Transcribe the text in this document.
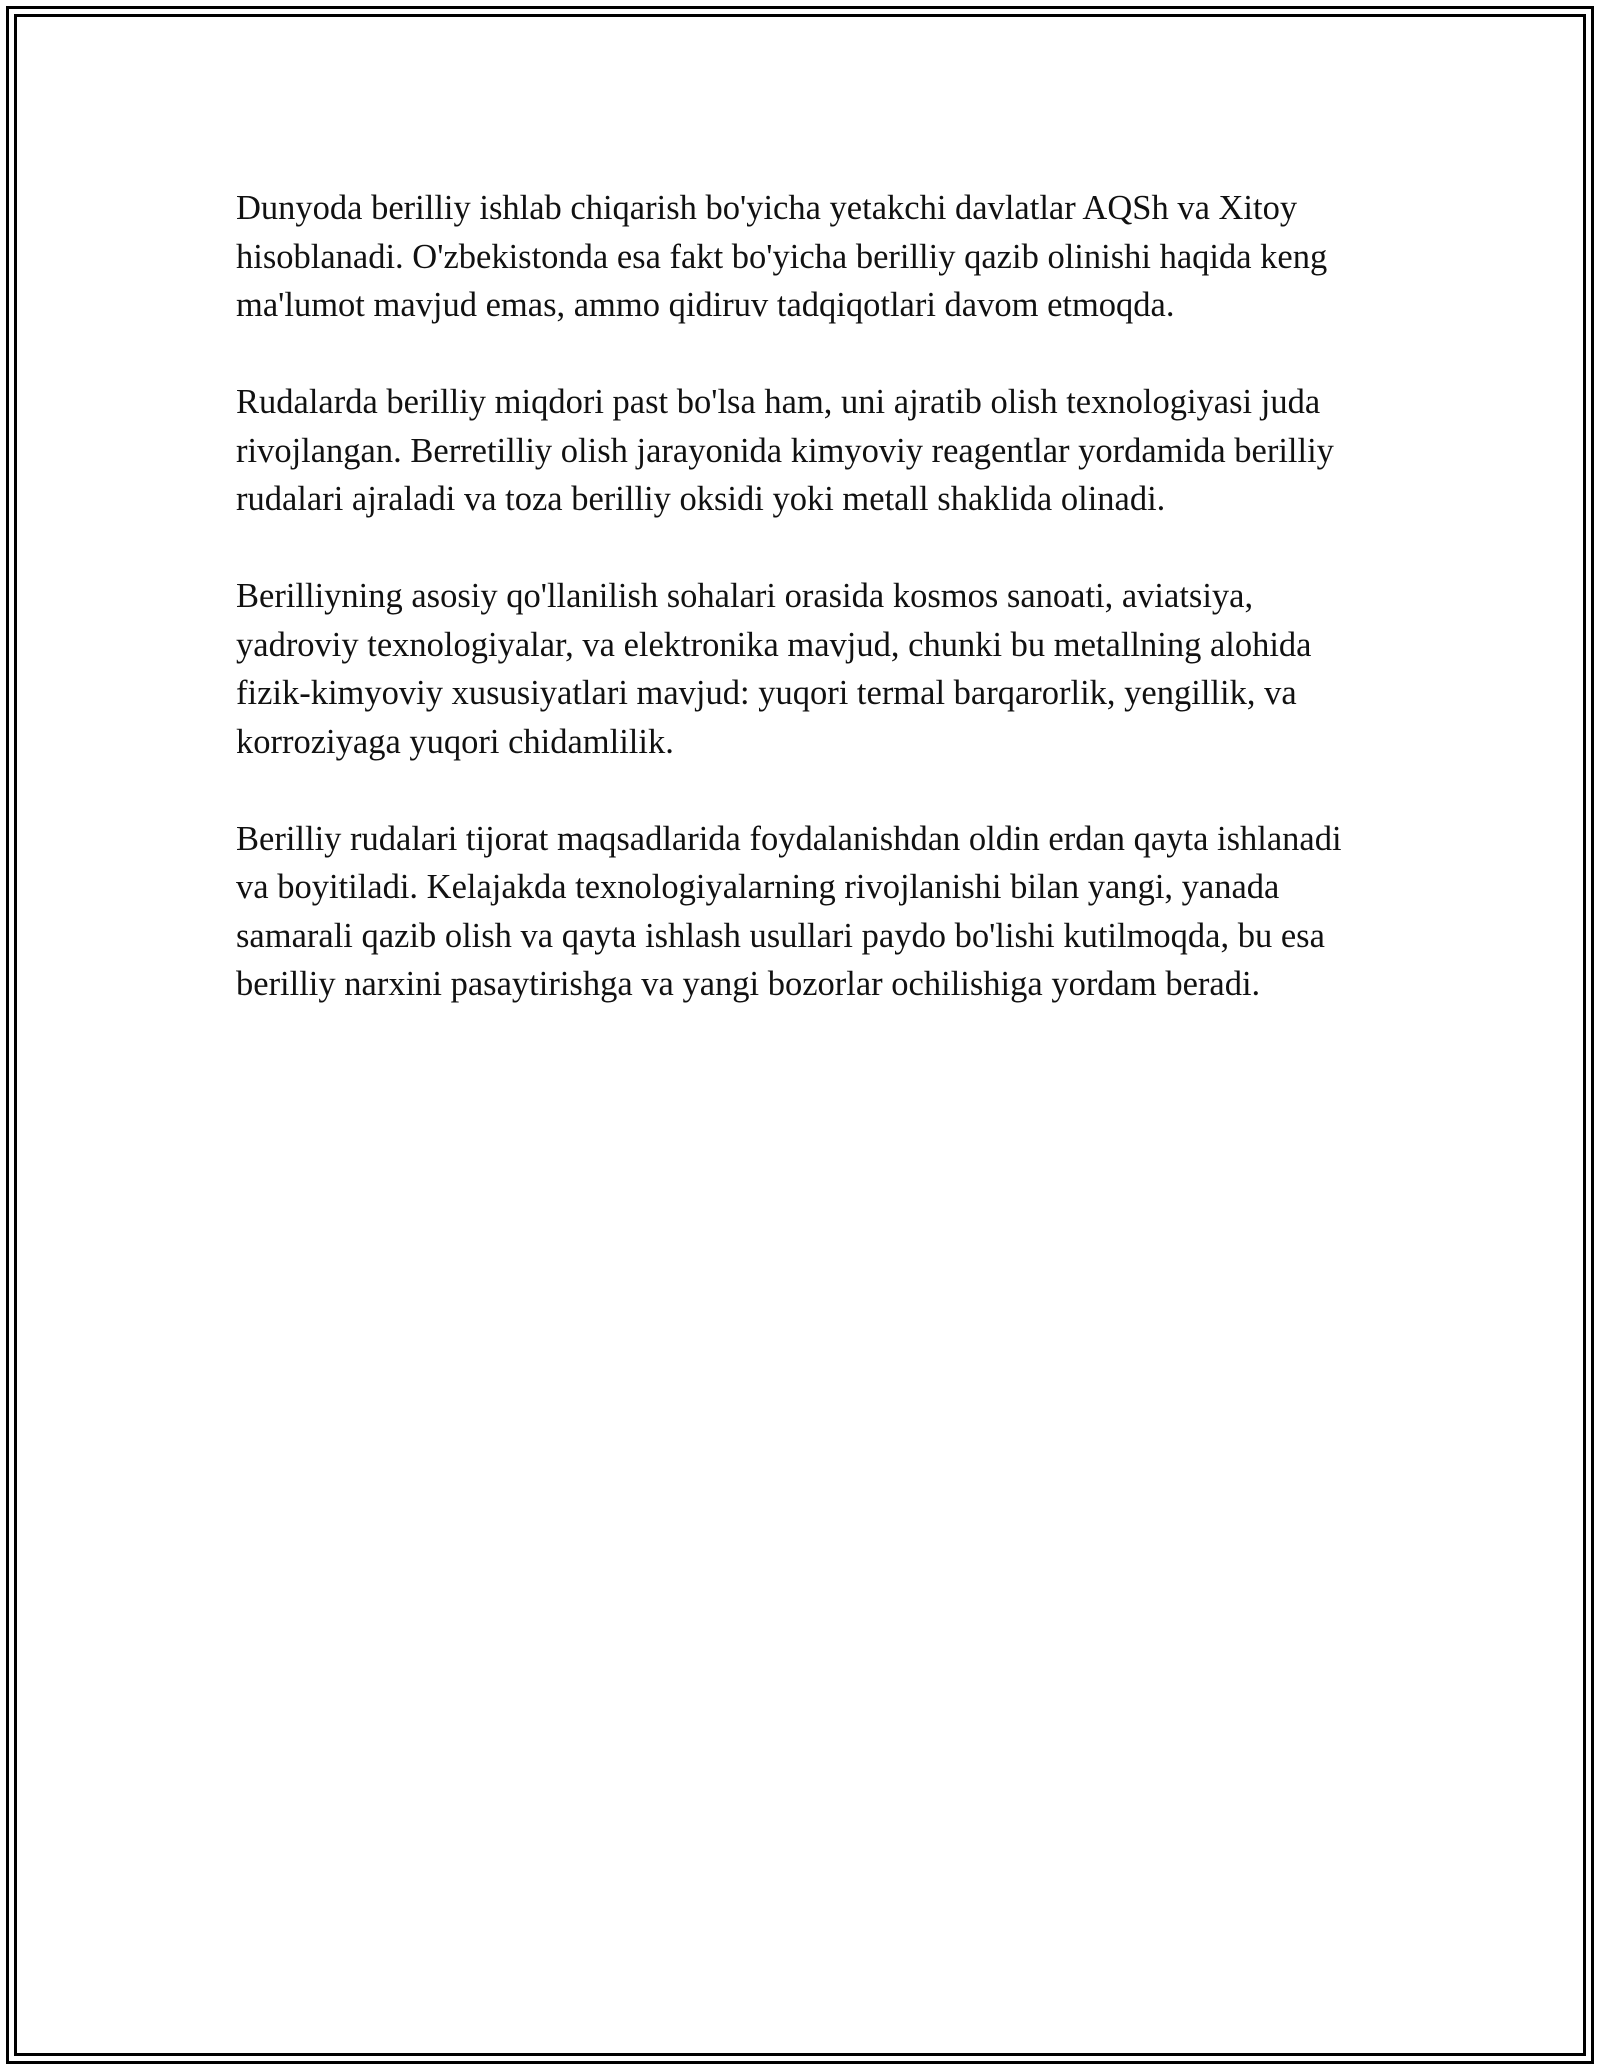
Dunyoda berilliy ishlab chiqarish bo'yicha yetakchi davlatlar AQSh va Xitoy hisoblanadi. O'zbekistonda esa fakt bo'yicha berilliy qazib olinishi haqida keng ma'lumot mavjud emas, ammo qidiruv tadqiqotlari davom etmoqda.

Rudalarda berilliy miqdori past bo'lsa ham, uni ajratib olish texnologiyasi juda rivojlangan. Berretilliy olish jarayonida kimyoviy reagentlar yordamida berilliy rudalari ajraladi va toza berilliy oksidi yoki metall shaklida olinadi.

Berilliyning asosiy qo'llanilish sohalari orasida kosmos sanoati, aviatsiya, yadroviy texnologiyalar, va elektronika mavjud, chunki bu metallning alohida fizik-kimyoviy xususiyatlari mavjud: yuqori termal barqarorlik, yengillik, va korroziyaga yuqori chidamlilik.

Berilliy rudalari tijorat maqsadlarida foydalanishdan oldin erdan qayta ishlanadi va boyitiladi. Kelajakda texnologiyalarning rivojlanishi bilan yangi, yanada samarali qazib olish va qayta ishlash usullari paydo bo'lishi kutilmoqda, bu esa berilliy narxini pasaytirishga va yangi bozorlar ochilishiga yordam beradi.
